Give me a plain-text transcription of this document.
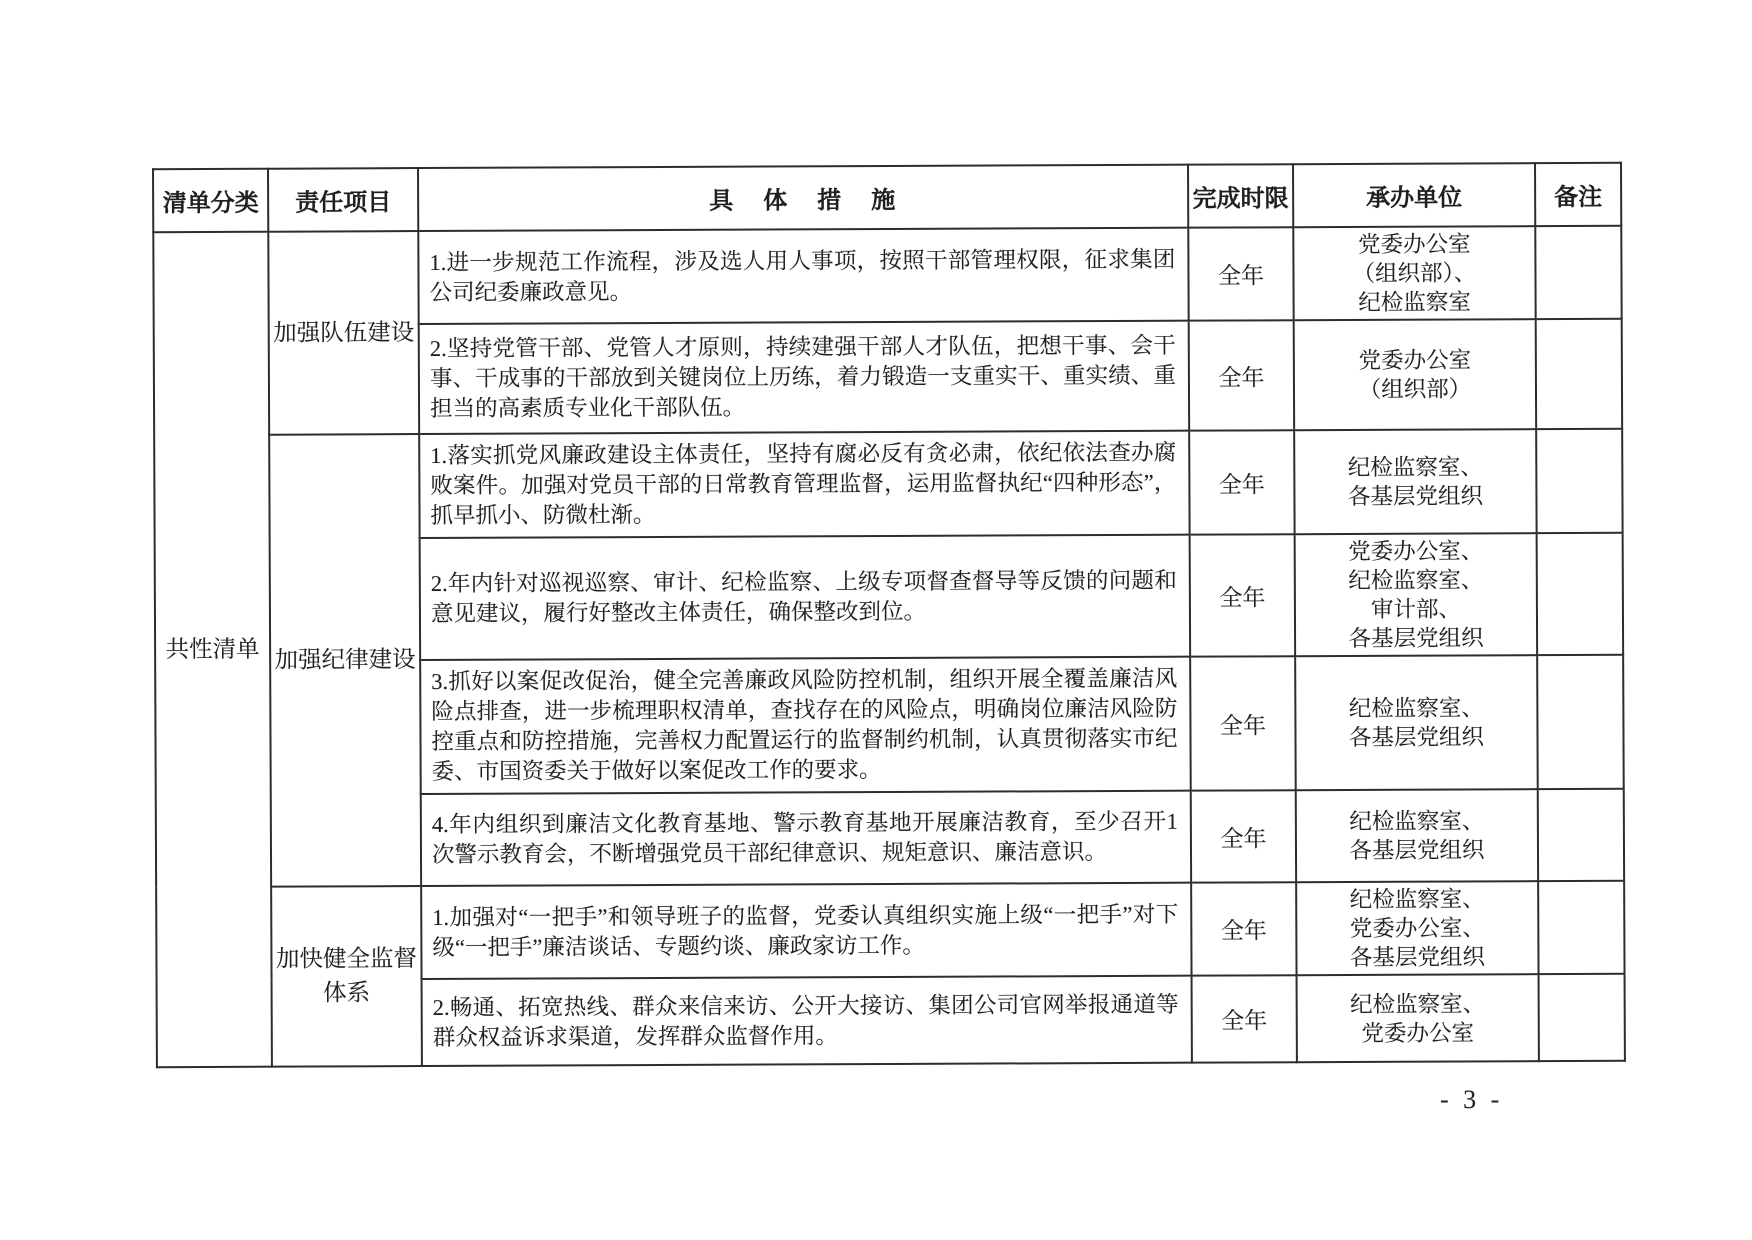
清单分类	责任项目	具体措施	完成时限	承办单位	备注
共性清单	加强队伍建设	1.进一步规范工作流程，涉及选人用人事项，按照干部管理权限，征求集团公司纪委廉政意见。	全年	党委办公室
（组织部）、
纪检监察室	
		2.坚持党管干部、党管人才原则，持续建强干部人才队伍，把想干事、会干事、干成事的干部放到关键岗位上历练，着力锻造一支重实干、重实绩、重担当的高素质专业化干部队伍。	全年	党委办公室
（组织部）	
	加强纪律建设	1.落实抓党风廉政建设主体责任，坚持有腐必反有贪必肃，依纪依法查办腐败案件。加强对党员干部的日常教育管理监督，运用监督执纪“四种形态”，抓早抓小、防微杜渐。	全年	纪检监察室、
各基层党组织	
		2.年内针对巡视巡察、审计、纪检监察、上级专项督查督导等反馈的问题和意见建议，履行好整改主体责任，确保整改到位。	全年	党委办公室、
纪检监察室、
审计部、
各基层党组织	
		3.抓好以案促改促治，健全完善廉政风险防控机制，组织开展全覆盖廉洁风险点排查，进一步梳理职权清单，查找存在的风险点，明确岗位廉洁风险防控重点和防控措施，完善权力配置运行的监督制约机制，认真贯彻落实市纪委、市国资委关于做好以案促改工作的要求。	全年	纪检监察室、
各基层党组织	
		4.年内组织到廉洁文化教育基地、警示教育基地开展廉洁教育，至少召开1次警示教育会，不断增强党员干部纪律意识、规矩意识、廉洁意识。	全年	纪检监察室、
各基层党组织	
	加快健全监督体系	1.加强对“一把手”和领导班子的监督，党委认真组织实施上级“一把手”对下级“一把手”廉洁谈话、专题约谈、廉政家访工作。	全年	纪检监察室、
党委办公室、
各基层党组织	
		2.畅通、拓宽热线、群众来信来访、公开大接访、集团公司官网举报通道等群众权益诉求渠道，发挥群众监督作用。	全年	纪检监察室、
党委办公室	
- 3 -
